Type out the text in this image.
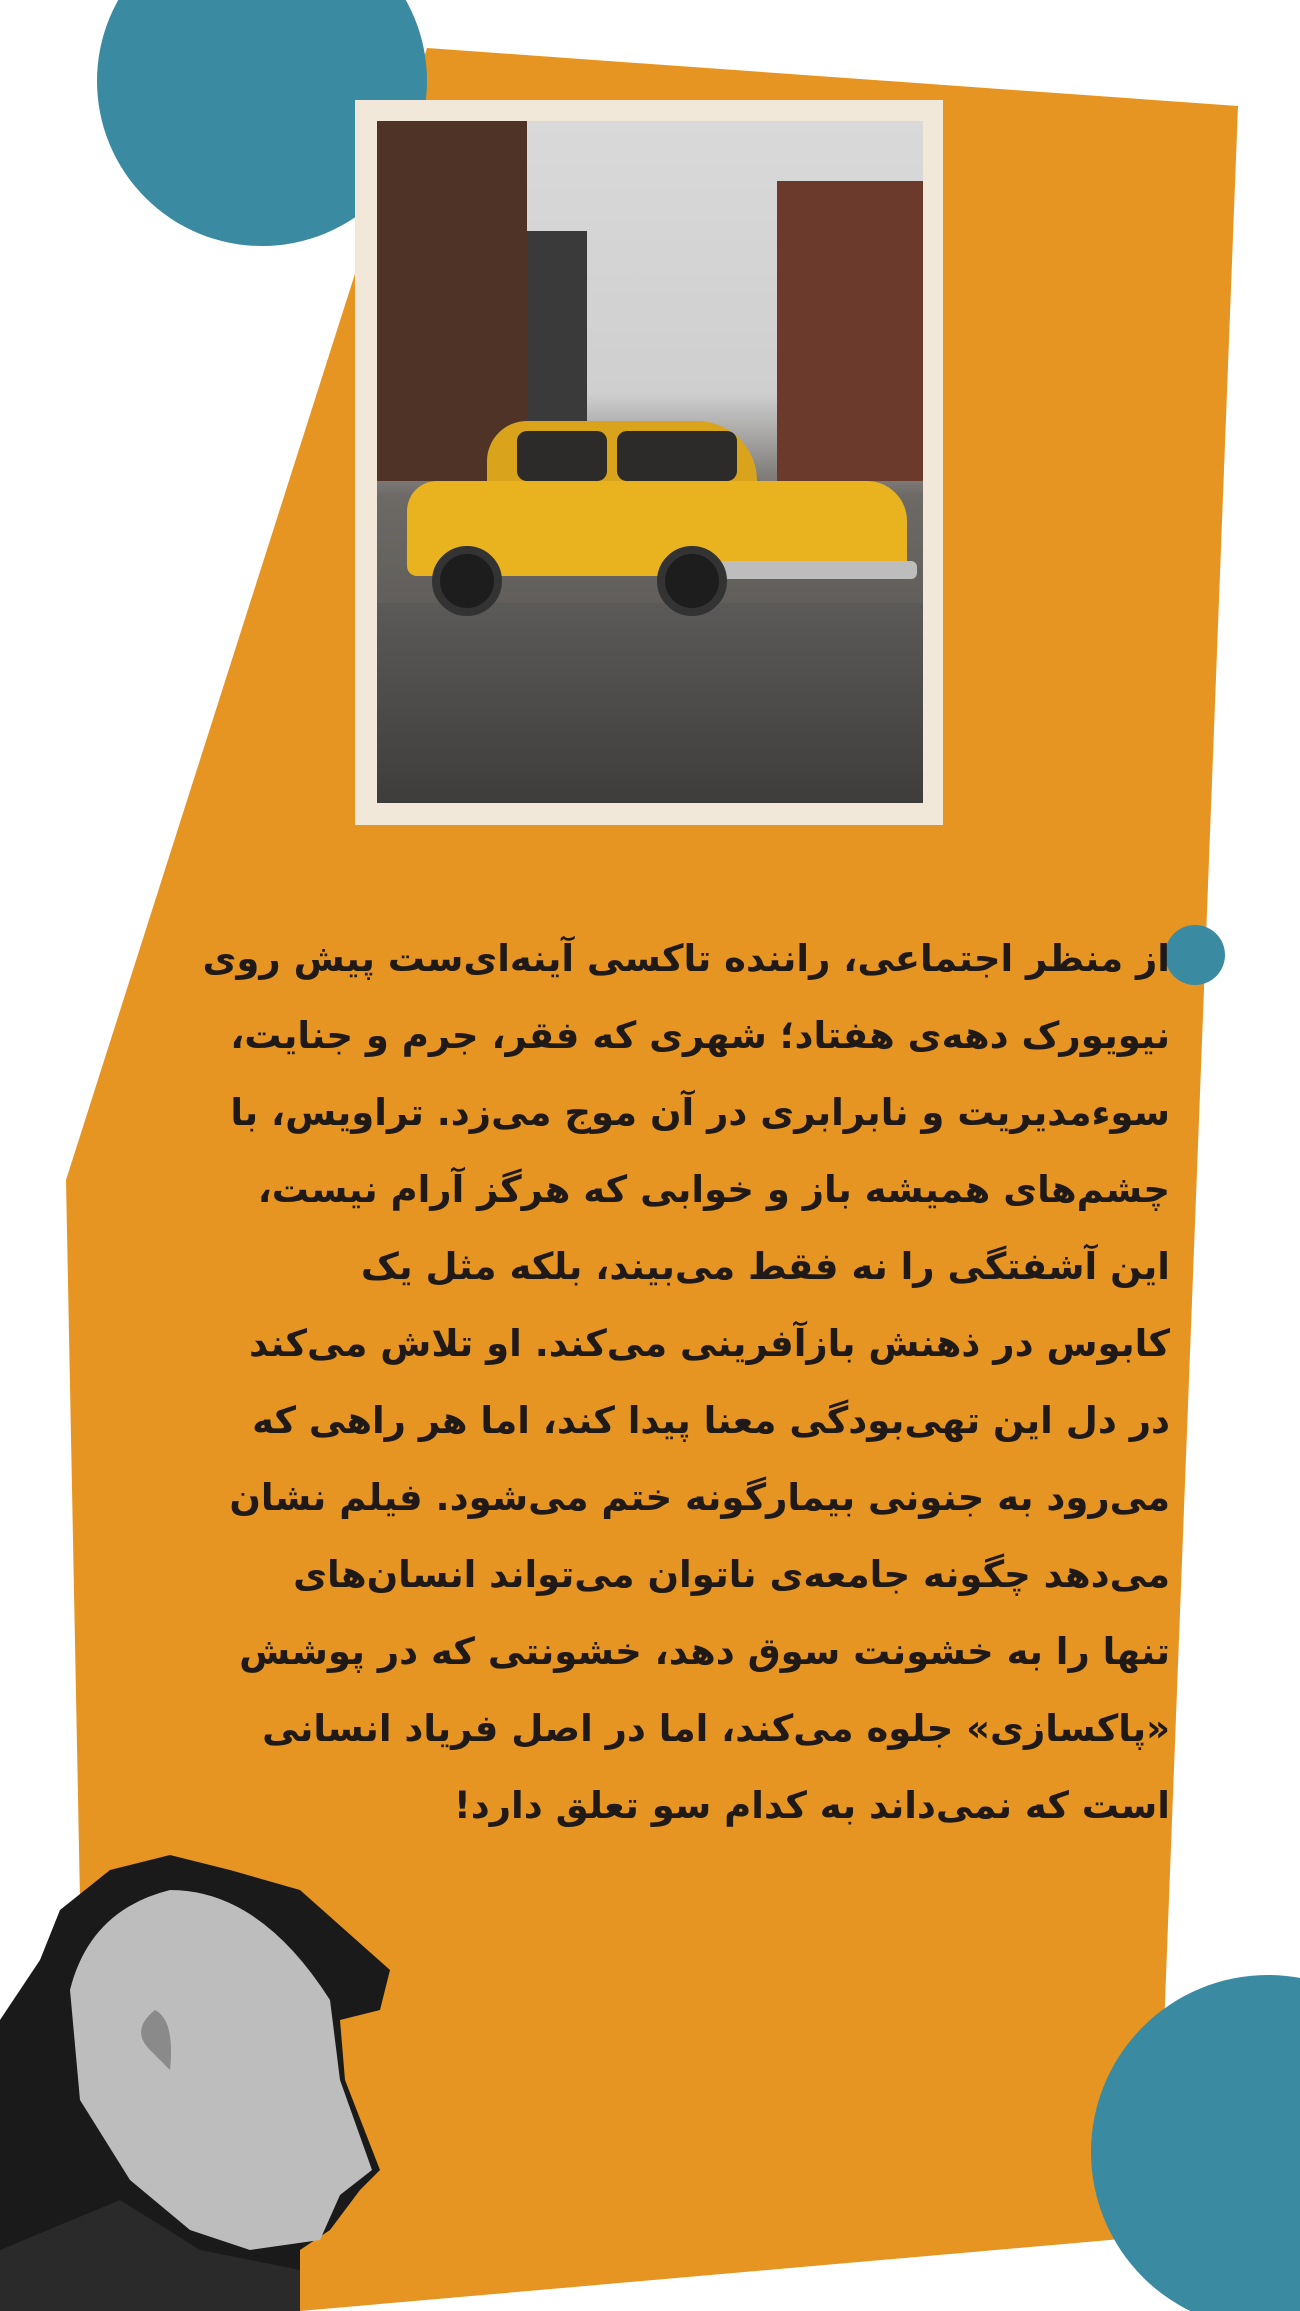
از منظر اجتماعی، راننده تاکسی آینه‌ای‌ست پیش روی

نیویورک دهه‌ی هفتاد؛ شهری که فقر، جرم و جنایت،

سوءمدیریت و نابرابری در آن موج می‌زد. تراویس، با

چشم‌های همیشه باز و خوابی که هرگز آرام نیست،

این آشفتگی را نه فقط می‌بیند، بلکه مثل یک

کابوس در ذهنش بازآفرینی می‌کند. او تلاش می‌کند

در دل این تهی‌بودگی معنا پیدا کند، اما هر راهی که

می‌رود به جنونی بیمارگونه ختم می‌شود. فیلم نشان

می‌دهد چگونه جامعه‌ی ناتوان می‌تواند انسان‌های

تنها را به خشونت سوق دهد، خشونتی که در پوشش

«پاکسازی» جلوه می‌کند، اما در اصل فریاد انسانی

است که نمی‌داند به کدام سو تعلق دارد!
